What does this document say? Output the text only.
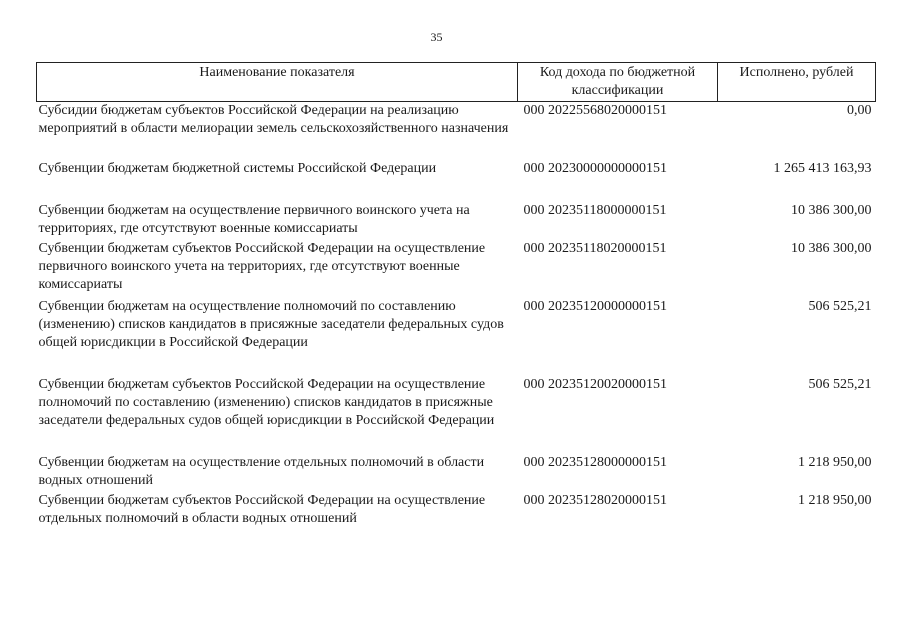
35
Наименование показателя	Код дохода по бюджетной классификации	Исполнено, рублей
Субсидии бюджетам субъектов Российской Федерации на реализацию мероприятий в области мелиорации земель сельскохозяйственного назначения	000 20225568020000151	0,00
Субвенции бюджетам бюджетной системы Российской Федерации	000 20230000000000151	1 265 413 163,93
Субвенции бюджетам на осуществление первичного воинского учета на территориях, где отсутствуют военные комиссариаты	000 20235118000000151	10 386 300,00
Субвенции бюджетам субъектов Российской Федерации на осуществление первичного воинского учета на территориях, где отсутствуют военные комиссариаты	000 20235118020000151	10 386 300,00
Субвенции бюджетам на осуществление полномочий по составлению (изменению) списков кандидатов в присяжные заседатели федеральных судов общей юрисдикции в Российской Федерации	000 20235120000000151	506 525,21
Субвенции бюджетам субъектов Российской Федерации на осуществление полномочий по составлению (изменению) списков кандидатов в присяжные заседатели федеральных судов общей юрисдикции в Российской Федерации	000 20235120020000151	506 525,21
Субвенции бюджетам на осуществление отдельных полномочий в области водных отношений	000 20235128000000151	1 218 950,00
Субвенции бюджетам субъектов Российской Федерации на осуществление отдельных полномочий в области водных отношений	000 20235128020000151	1 218 950,00
